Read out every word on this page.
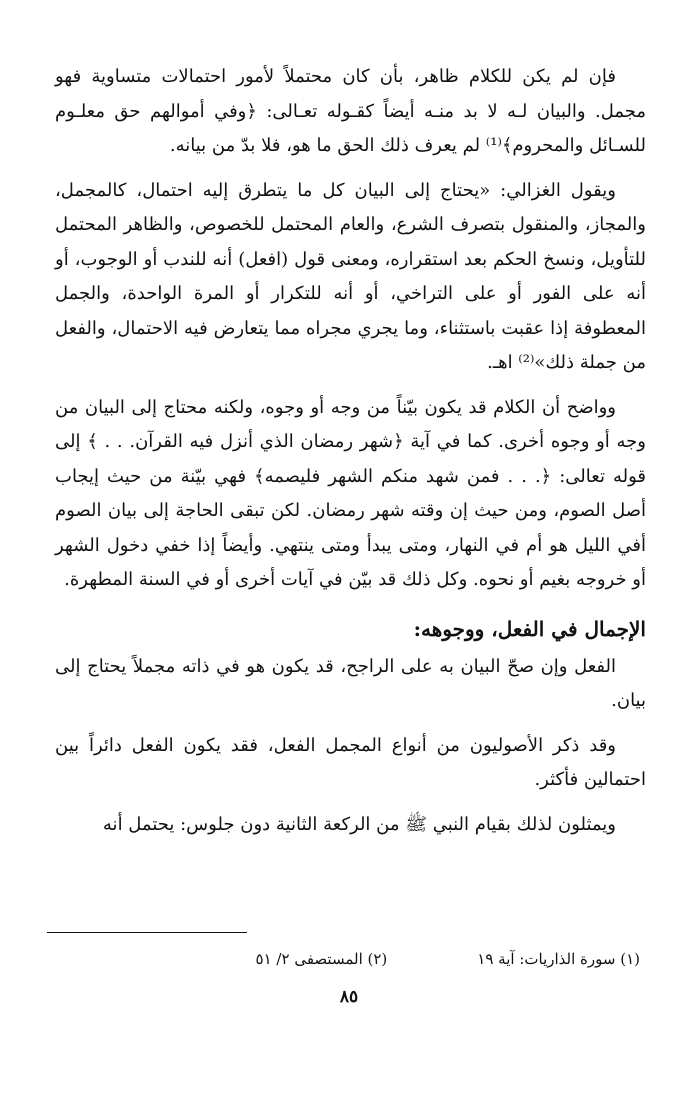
فإن لم يكن للكلام ظاهر، بأن كان محتملاً لأمور احتمالات متساوية فهو مجمل. والبيان لـه لا بد منـه أيضاً كقـوله تعـالى: ﴿وفي أموالهم حق معلـوم للسـائل والمحروم﴾⁽¹⁾ لم يعرف ذلك الحق ما هو، فلا بدّ من بيانه.

ويقول الغزالي: «يحتاج إلى البيان كل ما يتطرق إليه احتمال، كالمجمل، والمجاز، والمنقول بتصرف الشرع، والعام المحتمل للخصوص، والظاهر المحتمل للتأويل، ونسخ الحكم بعد استقراره، ومعنى قول (افعل) أنه للندب أو الوجوب، أو أنه على الفور أو على التراخي، أو أنه للتكرار أو المرة الواحدة، والجمل المعطوفة إذا عقبت باستثناء، وما يجري مجراه مما يتعارض فيه الاحتمال، والفعل من جملة ذلك»⁽²⁾ اهـ.

وواضح أن الكلام قد يكون بيّناً من وجه أو وجوه، ولكنه محتاج إلى البيان من وجه أو وجوه أخرى. كما في آية ﴿شهر رمضان الذي أنزل فيه القرآن. . . ﴾ إلى قوله تعالى: ﴿. . . فمن شهد منكم الشهر فليصمه﴾ فهي بيّنة من حيث إيجاب أصل الصوم، ومن حيث إن وقته شهر رمضان. لكن تبقى الحاجة إلى بيان الصوم أفي الليل هو أم في النهار، ومتى يبدأ ومتى ينتهي. وأيضاً إذا خفي دخول الشهر أو خروجه بغيم أو نحوه. وكل ذلك قد بيّن في آيات أخرى أو في السنة المطهرة.

الإجمال في الفعل، ووجوهه:

الفعل وإن صحّ البيان به على الراجح، قد يكون هو في ذاته مجملاً يحتاج إلى بيان.

وقد ذكر الأصوليون من أنواع المجمل الفعل، فقد يكون الفعل دائراً بين احتمالين فأكثر.

ويمثلون لذلك بقيام النبي ﷺ من الركعة الثانية دون جلوس: يحتمل أنه

(١) سورة الذاريات: آية ١٩
(٢) المستصفى ٢/ ٥١
٨٥
